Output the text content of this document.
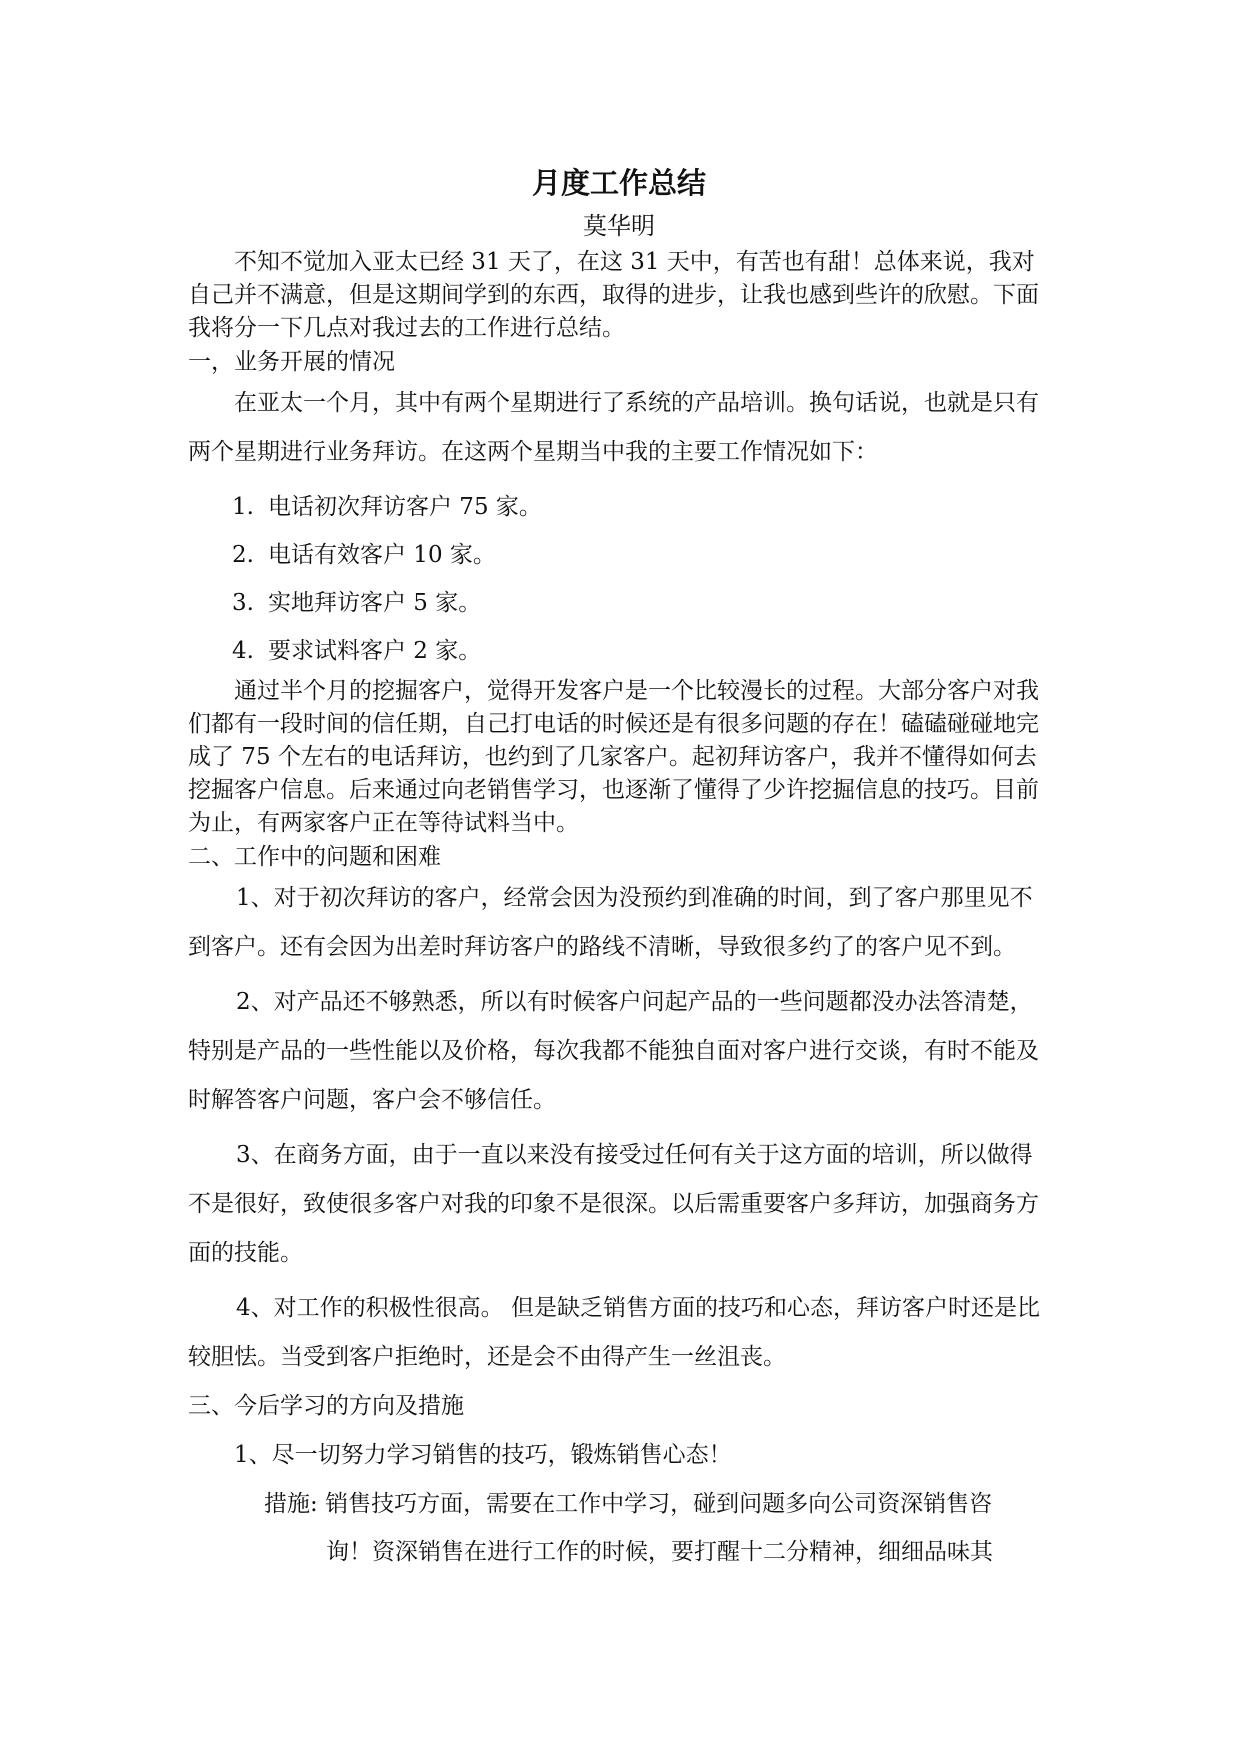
月度工作总结

莫华明

不知不觉加入亚太已经 31 天了，在这 31 天中，有苦也有甜！总体来说，我对自己并不满意，但是这期间学到的东西，取得的进步，让我也感到些许的欣慰。下面我将分一下几点对我过去的工作进行总结。

一，业务开展的情况

在亚太一个月，其中有两个星期进行了系统的产品培训。换句话说，也就是只有两个星期进行业务拜访。在这两个星期当中我的主要工作情况如下：

1. 电话初次拜访客户 75 家。

2. 电话有效客户 10 家。

3. 实地拜访客户 5 家。

4. 要求试料客户 2 家。

通过半个月的挖掘客户，觉得开发客户是一个比较漫长的过程。大部分客户对我们都有一段时间的信任期，自己打电话的时候还是有很多问题的存在！磕磕碰碰地完成了 75 个左右的电话拜访，也约到了几家客户。起初拜访客户，我并不懂得如何去挖掘客户信息。后来通过向老销售学习，也逐渐了懂得了少许挖掘信息的技巧。目前为止，有两家客户正在等待试料当中。

二、工作中的问题和困难

1、对于初次拜访的客户，经常会因为没预约到准确的时间，到了客户那里见不到客户。还有会因为出差时拜访客户的路线不清晰，导致很多约了的客户见不到。

2、对产品还不够熟悉，所以有时候客户问起产品的一些问题都没办法答清楚，特别是产品的一些性能以及价格，每次我都不能独自面对客户进行交谈，有时不能及时解答客户问题，客户会不够信任。

3、在商务方面，由于一直以来没有接受过任何有关于这方面的培训，所以做得不是很好，致使很多客户对我的印象不是很深。以后需重要客户多拜访，加强商务方面的技能。

4、对工作的积极性很高。 但是缺乏销售方面的技巧和心态，拜访客户时还是比较胆怯。当受到客户拒绝时，还是会不由得产生一丝沮丧。

三、今后学习的方向及措施

1、尽一切努力学习销售的技巧，锻炼销售心态！

措施: 销售技巧方面，需要在工作中学习，碰到问题多向公司资深销售咨

询！资深销售在进行工作的时候，要打醒十二分精神，细细品味其
